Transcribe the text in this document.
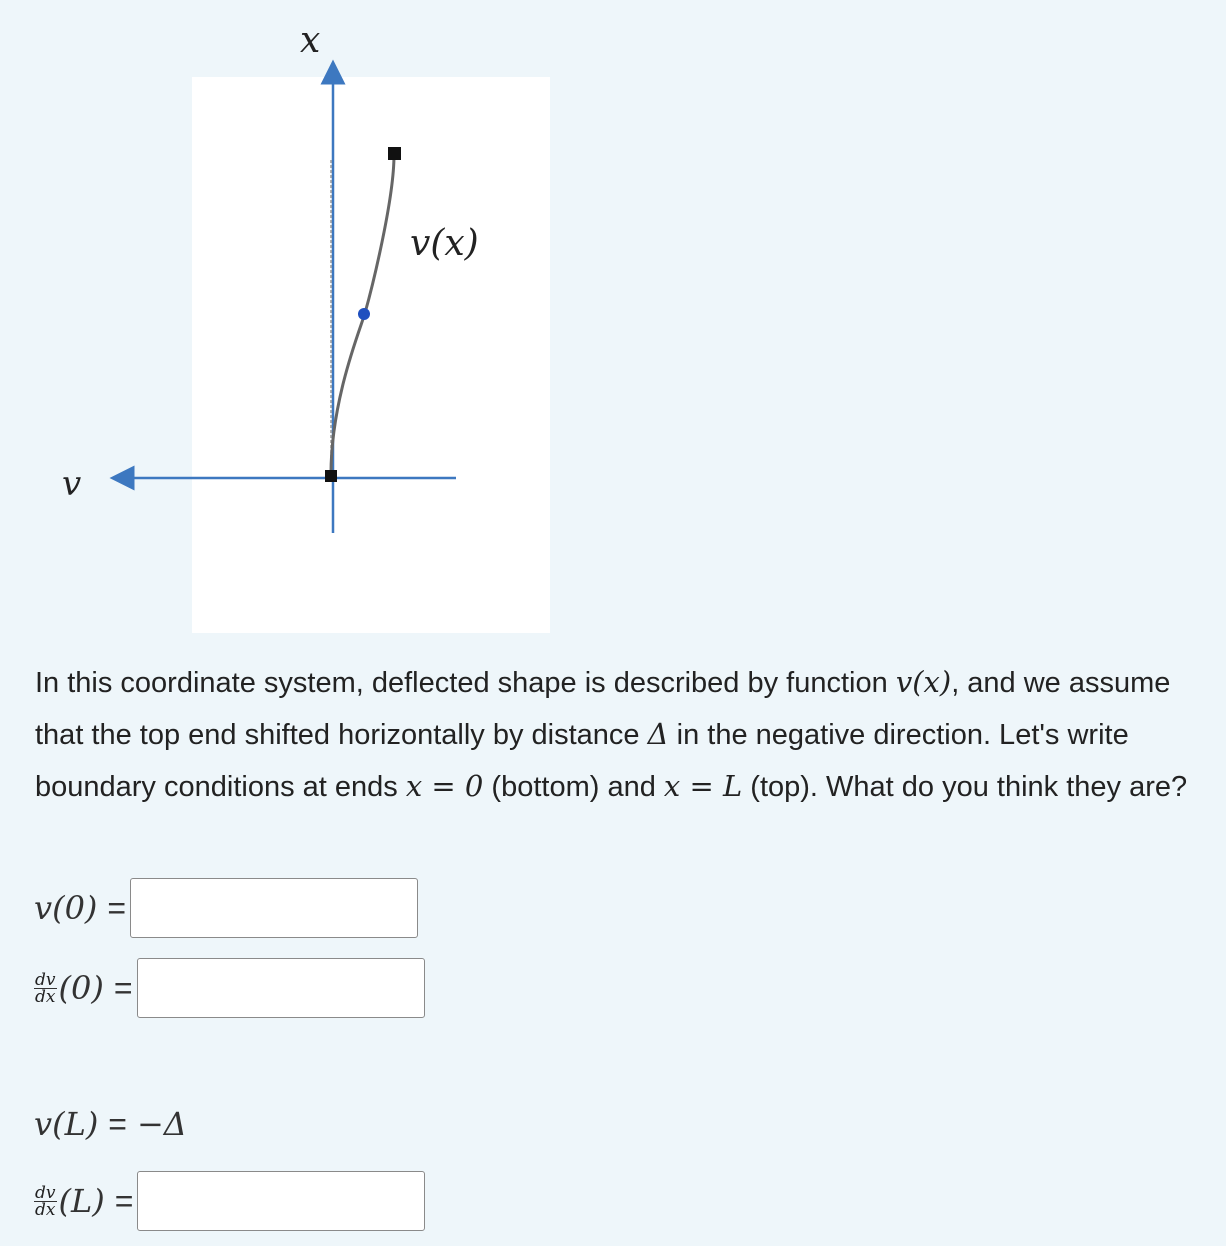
x
v
v(x)
In this coordinate system, deflected shape is described by function v(x), and we assume that the top end shifted horizontally by distance Δ in the negative direction. Let's write boundary conditions at ends x = 0 (bottom) and x = L (top). What do you think they are?
v(0) =
$\frac{dv}{dx} (0)$ =
v(L) = −Δ
$\frac{dv}{dx} (L)$ =
